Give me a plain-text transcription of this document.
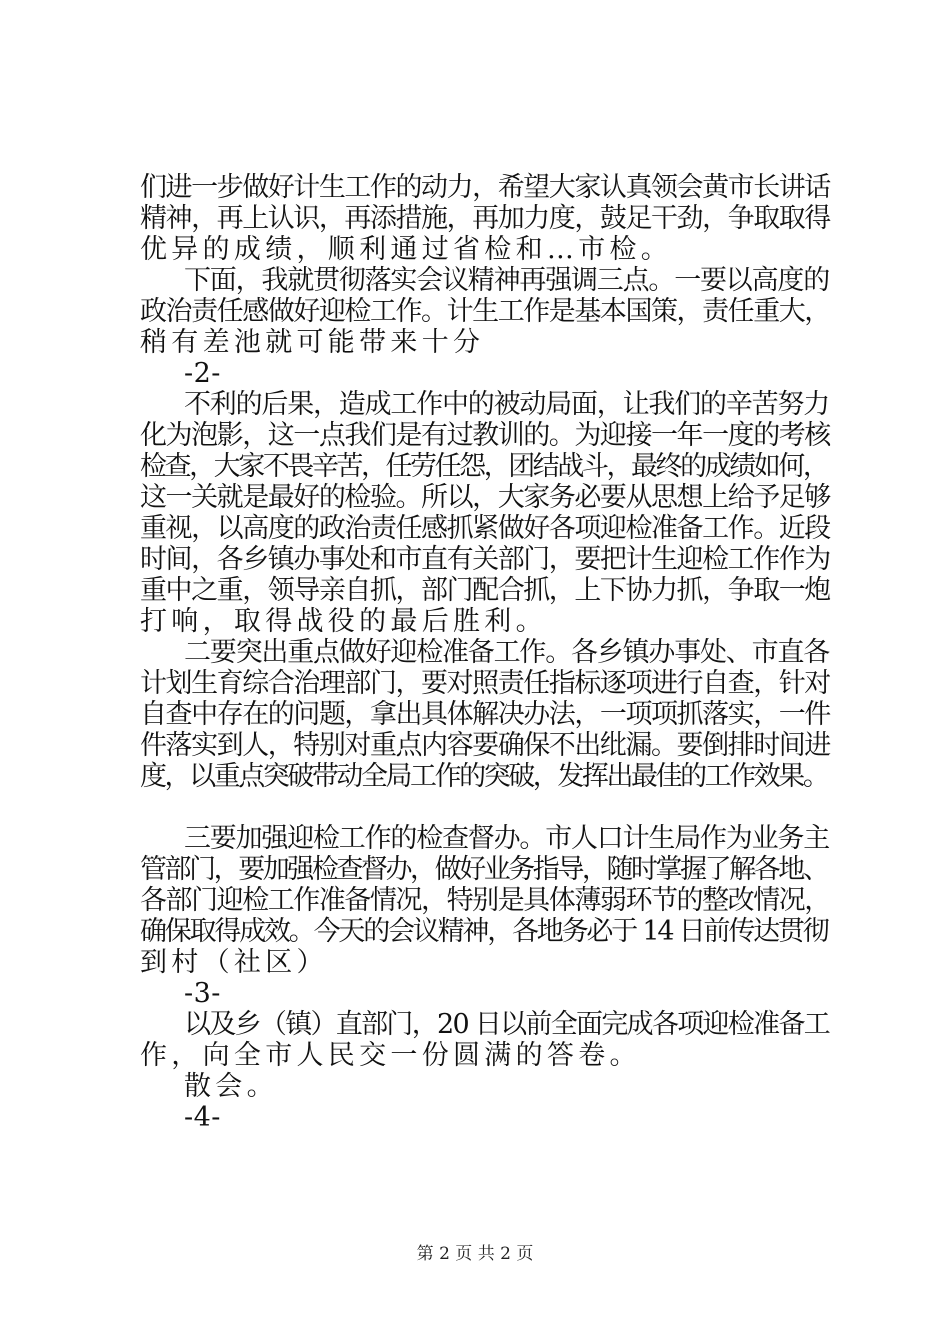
们进一步做好计生工作的动力，希望大家认真领会黄市长讲话
精神，再上认识，再添措施，再加力度，鼓足干劲，争取取得
优异的成绩，顺利通过省检和…市检。
下面，我就贯彻落实会议精神再强调三点。一要以高度的
政治责任感做好迎检工作。计生工作是基本国策，责任重大，
稍有差池就可能带来十分
-2-
不利的后果，造成工作中的被动局面，让我们的辛苦努力
化为泡影，这一点我们是有过教训的。为迎接一年一度的考核
检查，大家不畏辛苦，任劳任怨，团结战斗，最终的成绩如何，
这一关就是最好的检验。所以，大家务必要从思想上给予足够
重视，以高度的政治责任感抓紧做好各项迎检准备工作。近段
时间，各乡镇办事处和市直有关部门，要把计生迎检工作作为
重中之重，领导亲自抓，部门配合抓，上下协力抓，争取一炮
打响，取得战役的最后胜利。
二要突出重点做好迎检准备工作。各乡镇办事处、市直各
计划生育综合治理部门，要对照责任指标逐项进行自查，针对
自查中存在的问题，拿出具体解决办法，一项项抓落实，一件
件落实到人，特别对重点内容要确保不出纰漏。要倒排时间进
度，以重点突破带动全局工作的突破，发挥出最佳的工作效果。
三要加强迎检工作的检查督办。市人口计生局作为业务主
管部门，要加强检查督办，做好业务指导，随时掌握了解各地、
各部门迎检工作准备情况，特别是具体薄弱环节的整改情况，
确保取得成效。今天的会议精神，各地务必于 14 日前传达贯彻
到村（社区）
-3-
以及乡（镇）直部门，20 日以前全面完成各项迎检准备工
作，向全市人民交一份圆满的答卷。
散会。
-4-
第 2 页 共 2 页
